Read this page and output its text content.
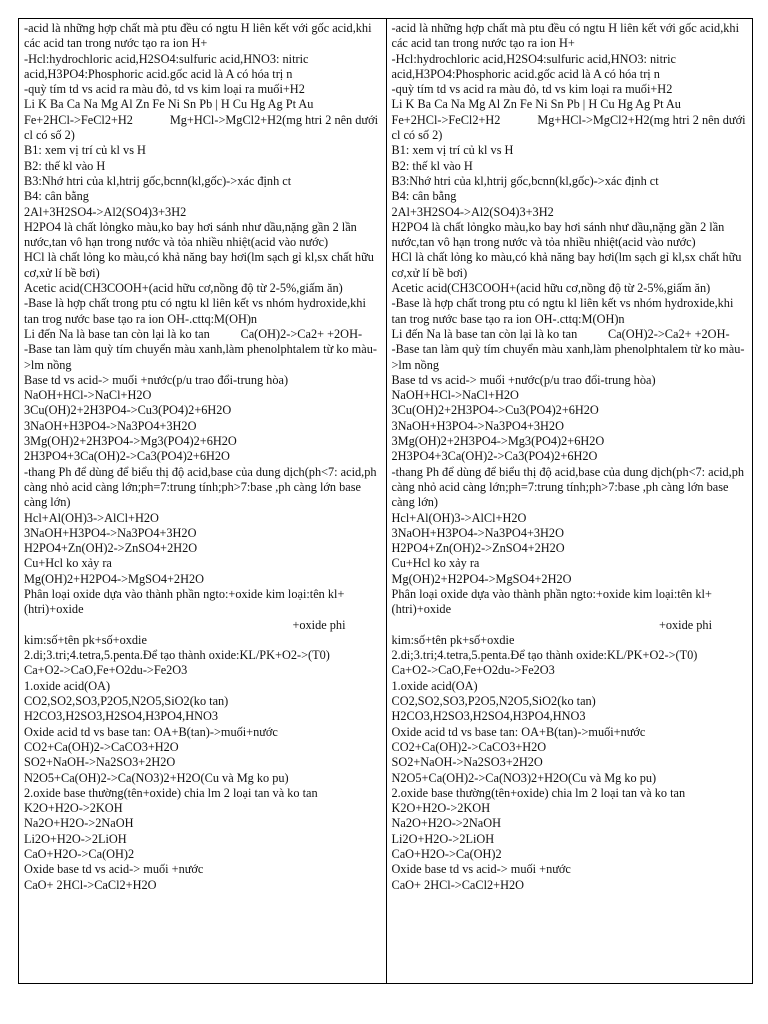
-acid là những hợp chất mà ptu đều có ngtu H liên kết với gốc acid,khi các acid tan trong nước tạo ra ion H+

-Hcl:hydrochloric acid,H2SO4:sulfuric acid,HNO3: nitric acid,H3PO4:Phosphoric acid.gốc acid là A có hóa trị n

-quỳ tím td vs acid ra màu đỏ, td vs kim loại ra muối+H2

Li K Ba Ca Na Mg Al Zn Fe Ni Sn Pb | H Cu Hg Ag Pt Au

Fe+2HCl->FeCl2+H2            Mg+HCl->MgCl2+H2(mg htri 2 nên dưới cl có số 2)

B1: xem vị trí củ kl vs H

B2: thế kl vào H

B3:Nhớ htri của kl,htrij gốc,bcnn(kl,gốc)->xác định ct

B4: cân bằng

2Al+3H2SO4->Al2(SO4)3+3H2

H2PO4 là chất lỏngko màu,ko bay hơi sánh như dầu,nặng gần 2 lần nước,tan vô hạn trong nước và tỏa nhiều nhiệt(acid vào nước)

HCl là chất lỏng ko màu,có khả năng bay hơi(lm sạch gỉ kl,sx chất hữu cơ,xử lí bề bơi)

Acetic acid(CH3COOH+(acid hữu cơ,nồng độ từ 2-5%,giấm ăn)

-Base là hợp chất trong ptu có ngtu kl liên kết vs nhóm hydroxide,khi tan trog nước base tạo ra ion OH-.cttq:M(OH)n

Li đến Na là base tan còn lại là ko tan          Ca(OH)2->Ca2+ +2OH-

-Base tan làm quỳ tím chuyển màu xanh,làm phenolphtalem từ ko màu->lm nồng

Base td vs acid-> muối +nước(p/u trao đổi-trung hòa)

NaOH+HCl->NaCl+H2O

3Cu(OH)2+2H3PO4->Cu3(PO4)2+6H2O

3NaOH+H3PO4->Na3PO4+3H2O

3Mg(OH)2+2H3PO4->Mg3(PO4)2+6H2O

2H3PO4+3Ca(OH)2->Ca3(PO4)2+6H2O

-thang Ph để dùng để biểu thị độ acid,base của dung dịch(ph<7: acid,ph càng nhỏ acid càng lớn;ph=7:trung tính;ph>7:base ,ph càng lớn base càng lớn)

Hcl+Al(OH)3->AlCl+H2O

3NaOH+H3PO4->Na3PO4+3H2O

H2PO4+Zn(OH)2->ZnSO4+2H2O

Cu+Hcl ko xảy ra

Mg(OH)2+H2PO4->MgSO4+2H2O

Phân loại oxide dựa vào thành phần ngto:+oxide kim loại:tên kl+(htri)+oxide

+oxide phi

kim:số+tên pk+số+oxdie

2.di;3.tri;4.tetra,5.penta.Để tạo thành oxide:KL/PK+O2->(T0)

Ca+O2->CaO,Fe+O2du->Fe2O3

1.oxide acid(OA)

CO2,SO2,SO3,P2O5,N2O5,SiO2(ko tan)

H2CO3,H2SO3,H2SO4,H3PO4,HNO3

Oxide acid td vs base tan: OA+B(tan)->muối+nước

CO2+Ca(OH)2->CaCO3+H2O

SO2+NaOH->Na2SO3+2H2O

N2O5+Ca(OH)2->Ca(NO3)2+H2O(Cu và Mg ko pu)

2.oxide base thường(tên+oxide) chia lm 2 loại tan và ko tan

K2O+H2O->2KOH

Na2O+H2O->2NaOH

Li2O+H2O->2LiOH

CaO+H2O->Ca(OH)2

Oxide base td vs acid-> muối +nước

CaO+ 2HCl->CaCl2+H2O

-acid là những hợp chất mà ptu đều có ngtu H liên kết với gốc acid,khi các acid tan trong nước tạo ra ion H+

-Hcl:hydrochloric acid,H2SO4:sulfuric acid,HNO3: nitric acid,H3PO4:Phosphoric acid.gốc acid là A có hóa trị n

-quỳ tím td vs acid ra màu đỏ, td vs kim loại ra muối+H2

Li K Ba Ca Na Mg Al Zn Fe Ni Sn Pb | H Cu Hg Ag Pt Au

Fe+2HCl->FeCl2+H2            Mg+HCl->MgCl2+H2(mg htri 2 nên dưới cl có số 2)

B1: xem vị trí củ kl vs H

B2: thế kl vào H

B3:Nhớ htri của kl,htrij gốc,bcnn(kl,gốc)->xác định ct

B4: cân bằng

2Al+3H2SO4->Al2(SO4)3+3H2

H2PO4 là chất lỏngko màu,ko bay hơi sánh như dầu,nặng gần 2 lần nước,tan vô hạn trong nước và tỏa nhiều nhiệt(acid vào nước)

HCl là chất lỏng ko màu,có khả năng bay hơi(lm sạch gỉ kl,sx chất hữu cơ,xử lí bề bơi)

Acetic acid(CH3COOH+(acid hữu cơ,nồng độ từ 2-5%,giấm ăn)

-Base là hợp chất trong ptu có ngtu kl liên kết vs nhóm hydroxide,khi tan trog nước base tạo ra ion OH-.cttq:M(OH)n

Li đến Na là base tan còn lại là ko tan          Ca(OH)2->Ca2+ +2OH-

-Base tan làm quỳ tím chuyển màu xanh,làm phenolphtalem từ ko màu->lm nồng

Base td vs acid-> muối +nước(p/u trao đổi-trung hòa)

NaOH+HCl->NaCl+H2O

3Cu(OH)2+2H3PO4->Cu3(PO4)2+6H2O

3NaOH+H3PO4->Na3PO4+3H2O

3Mg(OH)2+2H3PO4->Mg3(PO4)2+6H2O

2H3PO4+3Ca(OH)2->Ca3(PO4)2+6H2O

-thang Ph để dùng để biểu thị độ acid,base của dung dịch(ph<7: acid,ph càng nhỏ acid càng lớn;ph=7:trung tính;ph>7:base ,ph càng lớn base càng lớn)

Hcl+Al(OH)3->AlCl+H2O

3NaOH+H3PO4->Na3PO4+3H2O

H2PO4+Zn(OH)2->ZnSO4+2H2O

Cu+Hcl ko xảy ra

Mg(OH)2+H2PO4->MgSO4+2H2O

Phân loại oxide dựa vào thành phần ngto:+oxide kim loại:tên kl+(htri)+oxide

+oxide phi

kim:số+tên pk+số+oxdie

2.di;3.tri;4.tetra,5.penta.Để tạo thành oxide:KL/PK+O2->(T0)

Ca+O2->CaO,Fe+O2du->Fe2O3

1.oxide acid(OA)

CO2,SO2,SO3,P2O5,N2O5,SiO2(ko tan)

H2CO3,H2SO3,H2SO4,H3PO4,HNO3

Oxide acid td vs base tan: OA+B(tan)->muối+nước

CO2+Ca(OH)2->CaCO3+H2O

SO2+NaOH->Na2SO3+2H2O

N2O5+Ca(OH)2->Ca(NO3)2+H2O(Cu và Mg ko pu)

2.oxide base thường(tên+oxide) chia lm 2 loại tan và ko tan

K2O+H2O->2KOH

Na2O+H2O->2NaOH

Li2O+H2O->2LiOH

CaO+H2O->Ca(OH)2

Oxide base td vs acid-> muối +nước

CaO+ 2HCl->CaCl2+H2O
